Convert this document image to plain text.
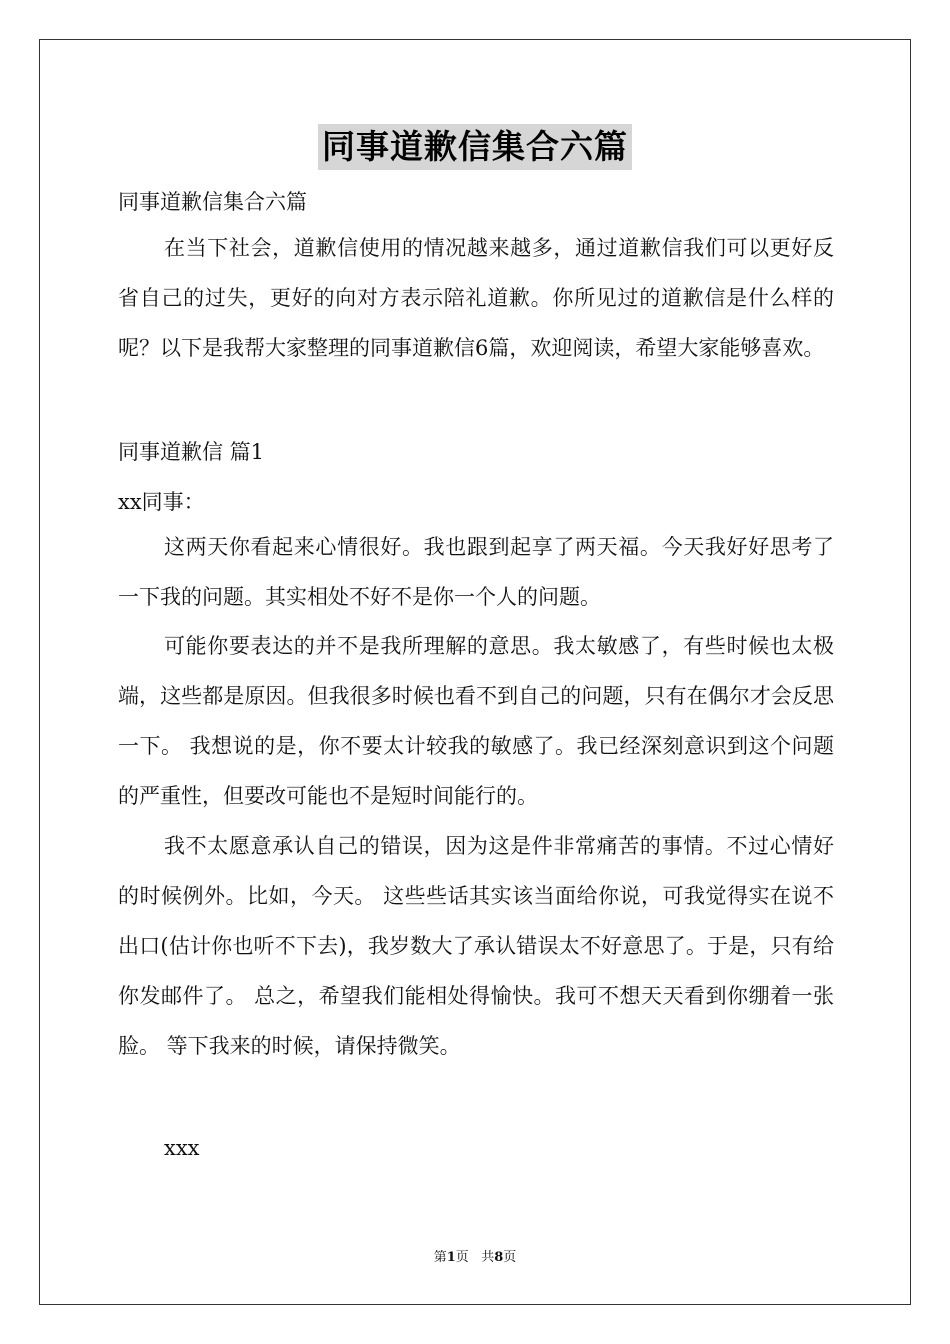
同事道歉信集合六篇
同事道歉信集合六篇

在当下社会，道歉信使用的情况越来越多，通过道歉信我们可以更好反省自己的过失，更好的向对方表示陪礼道歉。你所见过的道歉信是什么样的呢？以下是我帮大家整理的同事道歉信6篇，欢迎阅读，希望大家能够喜欢。

同事道歉信 篇1
xx同事：

这两天你看起来心情很好。我也跟到起享了两天福。今天我好好思考了一下我的问题。其实相处不好不是你一个人的问题。

可能你要表达的并不是我所理解的意思。我太敏感了，有些时候也太极端，这些都是原因。但我很多时候也看不到自己的问题，只有在偶尔才会反思一下。 我想说的是，你不要太计较我的敏感了。我已经深刻意识到这个问题的严重性，但要改可能也不是短时间能行的。

我不太愿意承认自己的错误，因为这是件非常痛苦的事情。不过心情好的时候例外。比如，今天。 这些些话其实该当面给你说，可我觉得实在说不出口(估计你也听不下去)，我岁数大了承认错误太不好意思了。于是，只有给你发邮件了。 总之，希望我们能相处得愉快。我可不想天天看到你绷着一张脸。 等下我来的时候，请保持微笑。

xxx
第1页   共8页
